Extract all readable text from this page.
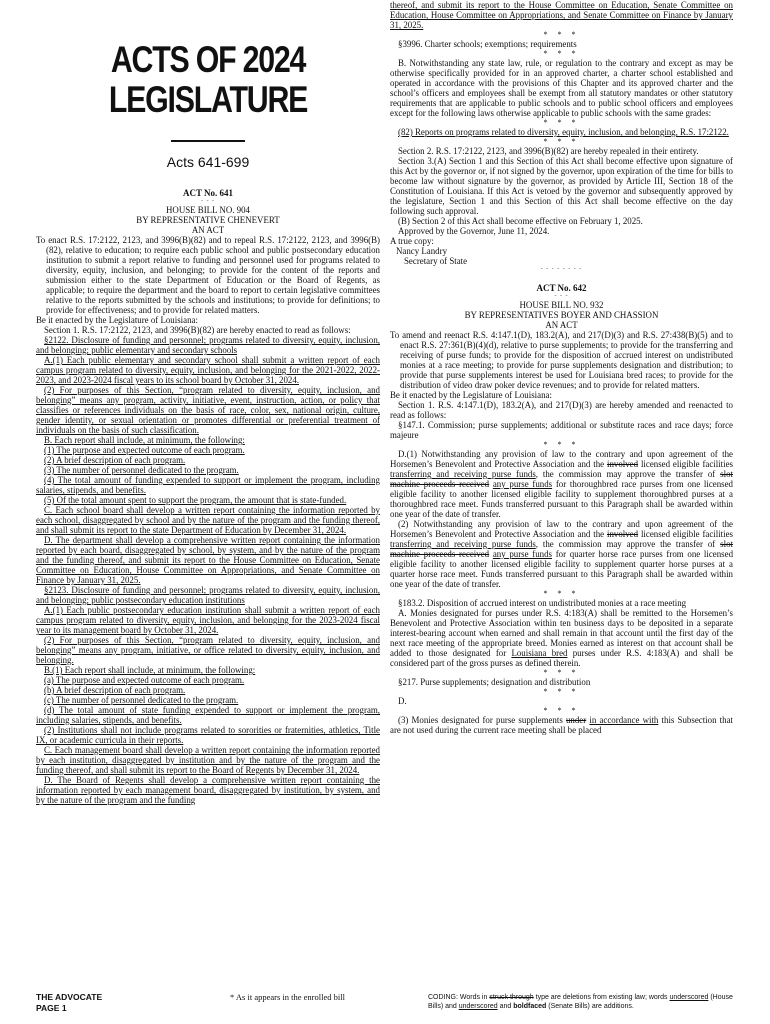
ACTS OF 2024
LEGISLATURE
Acts 641-699
ACT No. 641
- - -

HOUSE BILL NO. 904

BY REPRESENTATIVE CHENEVERT

AN ACT

To enact R.S. 17:2122, 2123, and 3996(B)(82) and to repeal R.S. 17:2122, 2123, and 3996(B)(82), relative to education; to require each public school and public postsecondary education institution to submit a report relative to funding and personnel used for programs related to diversity, equity, inclusion, and belonging; to provide for the content of the reports and submission either to the state Department of Education or the Board of Regents, as applicable; to require the department and the board to report to certain legislative committees relative to the reports submitted by the schools and institutions; to provide for definitions; to provide for effectiveness; and to provide for related matters.

Be it enacted by the Legislature of Louisiana:

Section 1. R.S. 17:2122, 2123, and 3996(B)(82) are hereby enacted to read as follows:

§2122. Disclosure of funding and personnel; programs related to diversity, equity, inclusion, and belonging; public elementary and secondary schools

A.(1) Each public elementary and secondary school shall submit a written report of each campus program related to diversity, equity, inclusion, and belonging for the 2021-2022, 2022-2023, and 2023-2024 fiscal years to its school board by October 31, 2024.

(2) For purposes of this Section, “program related to diversity, equity, inclusion, and belonging” means any program, activity, initiative, event, instruction, action, or policy that classifies or references individuals on the basis of race, color, sex, national origin, culture, gender identity, or sexual orientation or promotes differential or preferential treatment of individuals on the basis of such classification.

B. Each report shall include, at minimum, the following:

(1) The purpose and expected outcome of each program.

(2) A brief description of each program.

(3) The number of personnel dedicated to the program.

(4) The total amount of funding expended to support or implement the program, including salaries, stipends, and benefits.

(5) Of the total amount spent to support the program, the amount that is state-funded.

C. Each school board shall develop a written report containing the information reported by each school, disaggregated by school and by the nature of the program and the funding thereof, and shall submit its report to the state Department of Education by December 31, 2024.

D. The department shall develop a comprehensive written report containing the information reported by each board, disaggregated by school, by system, and by the nature of the program and the funding thereof, and submit its report to the House Committee on Education, Senate Committee on Education, House Committee on Appropriations, and Senate Committee on Finance by January 31, 2025.

§2123. Disclosure of funding and personnel; programs related to diversity, equity, inclusion, and belonging; public postsecondary education institutions

A.(1) Each public postsecondary education institution shall submit a written report of each campus program related to diversity, equity, inclusion, and belonging for the 2023-2024 fiscal year to its management board by October 31, 2024.

(2) For purposes of this Section, “program related to diversity, equity, inclusion, and belonging” means any program, initiative, or office related to diversity, equity, inclusion, and belonging.

B.(1) Each report shall include, at minimum, the following:

(a) The purpose and expected outcome of each program.

(b) A brief description of each program.

(c) The number of personnel dedicated to the program.

(d) The total amount of state funding expended to support or implement the program, including salaries, stipends, and benefits.

(2) Institutions shall not include programs related to sororities or fraternities, athletics, Title IX, or academic curricula in their reports.

C. Each management board shall develop a written report containing the information reported by each institution, disaggregated by institution and by the nature of the program and the funding thereof, and shall submit its report to the Board of Regents by December 31, 2024.

D. The Board of Regents shall develop a comprehensive written report containing the information reported by each management board, disaggregated by institution, by system, and by the nature of the program and the funding

thereof, and submit its report to the House Committee on Education, Senate Committee on Education, House Committee on Appropriations, and Senate Committee on Finance by January 31, 2025.

* * *

§3996. Charter schools; exemptions; requirements

* * *

B. Notwithstanding any state law, rule, or regulation to the contrary and except as may be otherwise specifically provided for in an approved charter, a charter school established and operated in accordance with the provisions of this Chapter and its approved charter and the school’s officers and employees shall be exempt from all statutory mandates or other statutory requirements that are applicable to public schools and to public school officers and employees except for the following laws otherwise applicable to public schools with the same grades:

* * *

(82) Reports on programs related to diversity, equity, inclusion, and belonging, R.S. 17:2122.

* * *

Section 2. R.S. 17:2122, 2123, and 3996(B)(82) are hereby repealed in their entirety.

Section 3.(A) Section 1 and this Section of this Act shall become effective upon signature of this Act by the governor or, if not signed by the governor, upon expiration of the time for bills to become law without signature by the governor, as provided by Article III, Section 18 of the Constitution of Louisiana. If this Act is vetoed by the governor and subsequently approved by the legislature, Section 1 and this Section of this Act shall become effective on the day following such approval.

(B) Section 2 of this Act shall become effective on February 1, 2025.

Approved by the Governor, June 11, 2024.

A true copy:

Nancy Landry

Secretary of State

- - - - - - - -
ACT No. 642
- - -

HOUSE BILL NO. 932

BY REPRESENTATIVES BOYER AND CHASSION

AN ACT

To amend and reenact R.S. 4:147.1(D), 183.2(A), and 217(D)(3) and R.S. 27:438(B)(5) and to enact R.S. 27:361(B)(4)(d), relative to purse supplements; to provide for the transferring and receiving of purse funds; to provide for the disposition of accrued interest on undistributed monies at a race meeting; to provide for purse supplements designation and distribution; to provide that purse supplements interest be used for Louisiana bred races; to provide for the distribution of video draw poker device revenues; and to provide for related matters.

Be it enacted by the Legislature of Louisiana:

Section 1. R.S. 4:147.1(D), 183.2(A), and 217(D)(3) are hereby amended and reenacted to read as follows:

§147.1. Commission; purse supplements; additional or substitute races and race days; force majeure

* * *

D.(1) Notwithstanding any provision of law to the contrary and upon agreement of the Horsemen’s Benevolent and Protective Association and the involved licensed eligible facilities transferring and receiving purse funds, the commission may approve the transfer of slot machine proceeds received any purse funds for thoroughbred race purses from one licensed eligible facility to another licensed eligible facility to supplement thoroughbred purses at a thoroughbred race meet. Funds transferred pursuant to this Paragraph shall be awarded within one year of the date of transfer.

(2) Notwithstanding any provision of law to the contrary and upon agreement of the Horsemen’s Benevolent and Protective Association and the involved licensed eligible facilities transferring and receiving purse funds, the commission may approve the transfer of slot machine proceeds received any purse funds for quarter horse race purses from one licensed eligible facility to another licensed eligible facility to supplement quarter horse purses at a quarter horse race meet. Funds transferred pursuant to this Paragraph shall be awarded within one year of the date of transfer.

* * *

§183.2. Disposition of accrued interest on undistributed monies at a race meeting

A. Monies designated for purses under R.S. 4:183(A) shall be remitted to the Horsemen’s Benevolent and Protective Association within ten business days to be deposited in a separate interest-bearing account when earned and shall remain in that account until the first day of the next race meeting of the appropriate breed. Monies earned as interest on that account shall be added to those designated for Louisiana bred purses under R.S. 4:183(A) and shall be considered part of the gross purses as defined therein.

* * *

§217. Purse supplements; designation and distribution

* * *

D.

* * *

(3) Monies designated for purse supplements under in accordance with this Subsection that are not used during the current race meeting shall be placed

THE ADVOCATE
PAGE 1
* As it appears in the enrolled bill	CODING: Words in struck through type are deletions from existing law; words underscored (House Bills) and underscored and boldfaced (Senate Bills) are additions.
